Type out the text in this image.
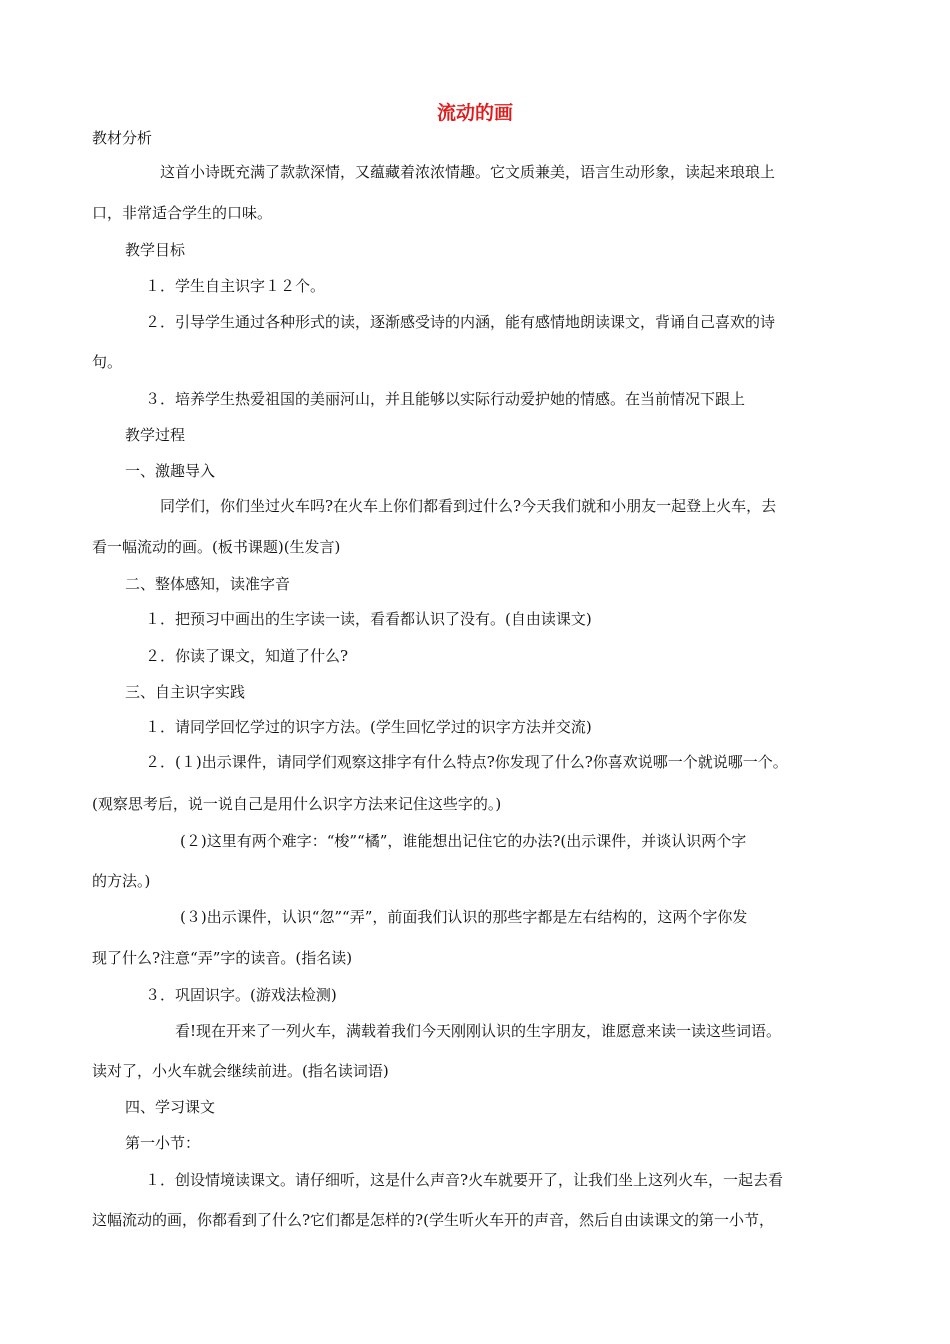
流动的画
教材分析
这首小诗既充满了款款深情，又蕴藏着浓浓情趣。它文质兼美，语言生动形象，读起来琅琅上
口，非常适合学生的口味。
教学目标
１．学生自主识字１２个。
２．引导学生通过各种形式的读，逐渐感受诗的内涵，能有感情地朗读课文，背诵自己喜欢的诗
句。
３．培养学生热爱祖国的美丽河山，并且能够以实际行动爱护她的情感。在当前情况下跟上
教学过程
一、激趣导入
同学们，你们坐过火车吗?在火车上你们都看到过什么?今天我们就和小朋友一起登上火车，去
看一幅流动的画。(板书课题)(生发言)
二、整体感知，读准字音
１．把预习中画出的生字读一读，看看都认识了没有。(自由读课文)
２．你读了课文，知道了什么?
三、自主识字实践
１．请同学回忆学过的识字方法。(学生回忆学过的识字方法并交流)
２．(１)出示课件，请同学们观察这排字有什么特点?你发现了什么?你喜欢说哪一个就说哪一个。
(观察思考后，说一说自己是用什么识字方法来记住这些字的。)
(２)这里有两个难字：“梭”“橘”，谁能想出记住它的办法?(出示课件，并谈认识两个字
的方法。)
(３)出示课件，认识“忽”“弄”，前面我们认识的那些字都是左右结构的，这两个字你发
现了什么?注意“弄”字的读音。(指名读)
３．巩固识字。(游戏法检测)
看!现在开来了一列火车，满载着我们今天刚刚认识的生字朋友，谁愿意来读一读这些词语。
读对了，小火车就会继续前进。(指名读词语)
四、学习课文
第一小节：
１．创设情境读课文。请仔细听，这是什么声音?火车就要开了，让我们坐上这列火车，一起去看
这幅流动的画，你都看到了什么?它们都是怎样的?(学生听火车开的声音，然后自由读课文的第一小节，
